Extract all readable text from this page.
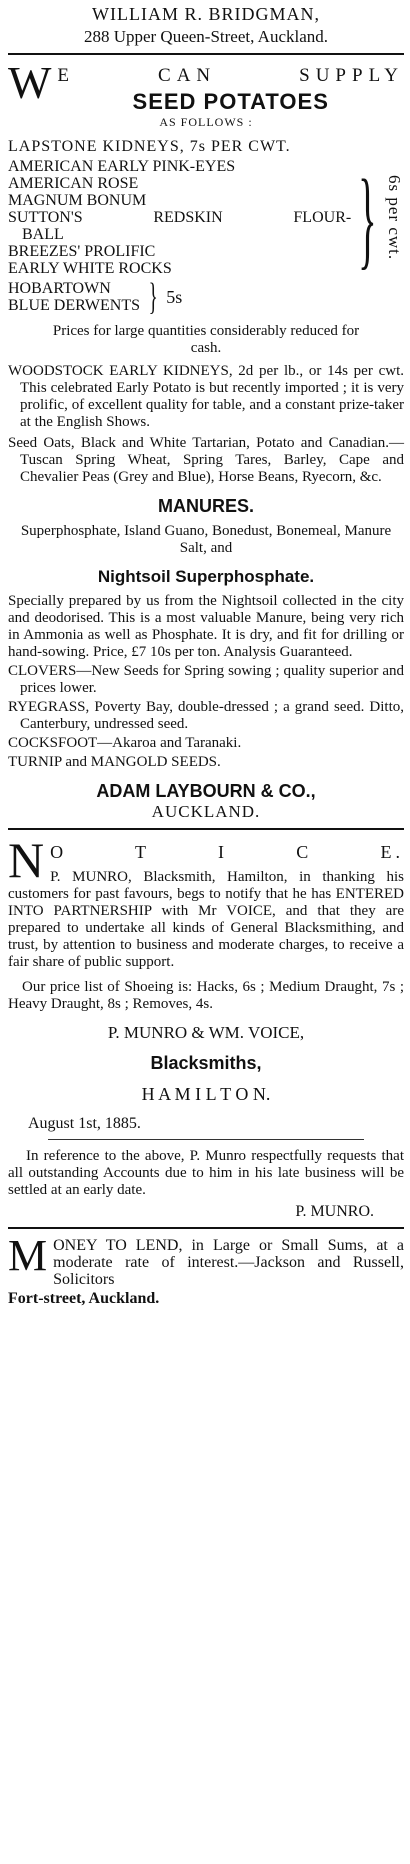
WILLIAM R. BRIDGMAN,
288 Upper Queen-Street, Auckland.
W E CAN SUPPLY
SEED POTATOES
AS FOLLOWS :
LAPSTONE KIDNEYS, 7s PER CWT.
AMERICAN EARLY PINK-EYES
AMERICAN ROSE
MAGNUM BONUM
SUTTON'S REDSKIN FLOUR-
BALL
BREEZES' PROLIFIC
EARLY WHITE ROCKS	} 6s per cwt.
HOBARTOWN
BLUE DERWENTS } 5s
Prices for large quantities considerably reduced for cash.
WOODSTOCK EARLY KIDNEYS, 2d per lb., or 14s per cwt. This celebrated Early Potato is but recently imported ; it is very prolific, of excellent quality for table, and a constant prize-taker at the English Shows.
Seed Oats, Black and White Tartarian, Potato and Canadian.—Tuscan Spring Wheat, Spring Tares, Barley, Cape and Chevalier Peas (Grey and Blue), Horse Beans, Ryecorn, &c.
MANURES.
Superphosphate, Island Guano, Bonedust, Bonemeal, Manure Salt, and
Nightsoil Superphosphate.
Specially prepared by us from the Nightsoil collected in the city and deodorised. This is a most valuable Manure, being very rich in Ammonia as well as Phosphate. It is dry, and fit for drilling or hand-sowing. Price, £7 10s per ton. Analysis Guaranteed.
CLOVERS—New Seeds for Spring sowing ; quality superior and prices lower.
RYEGRASS, Poverty Bay, double-dressed ; a grand seed. Ditto, Canterbury, undressed seed.
COCKSFOOT—Akaroa and Taranaki.
TURNIP and MANGOLD SEEDS.
ADAM LAYBOURN & CO.,
AUCKLAND.
N O T I C E.
P. MUNRO, Blacksmith, Hamilton, in thanking his customers for past favours, begs to notify that he has ENTERED INTO PARTNERSHIP with Mr VOICE, and that they are prepared to undertake all kinds of General Blacksmithing, and trust, by attention to business and moderate charges, to receive a fair share of public support.
Our price list of Shoeing is: Hacks, 6s ; Medium Draught, 7s ; Heavy Draught, 8s ; Removes, 4s.
P. MUNRO & WM. VOICE,
Blacksmiths,
H A M I L T O N.
August 1st, 1885.
In reference to the above, P. Munro respectfully requests that all outstanding Accounts due to him in his late business will be settled at an early date.
P. MUNRO.
M ONEY TO LEND, in Large or Small Sums, at a moderate rate of interest.—Jackson and Russell, Solicitors
Fort-street, Auckland.
